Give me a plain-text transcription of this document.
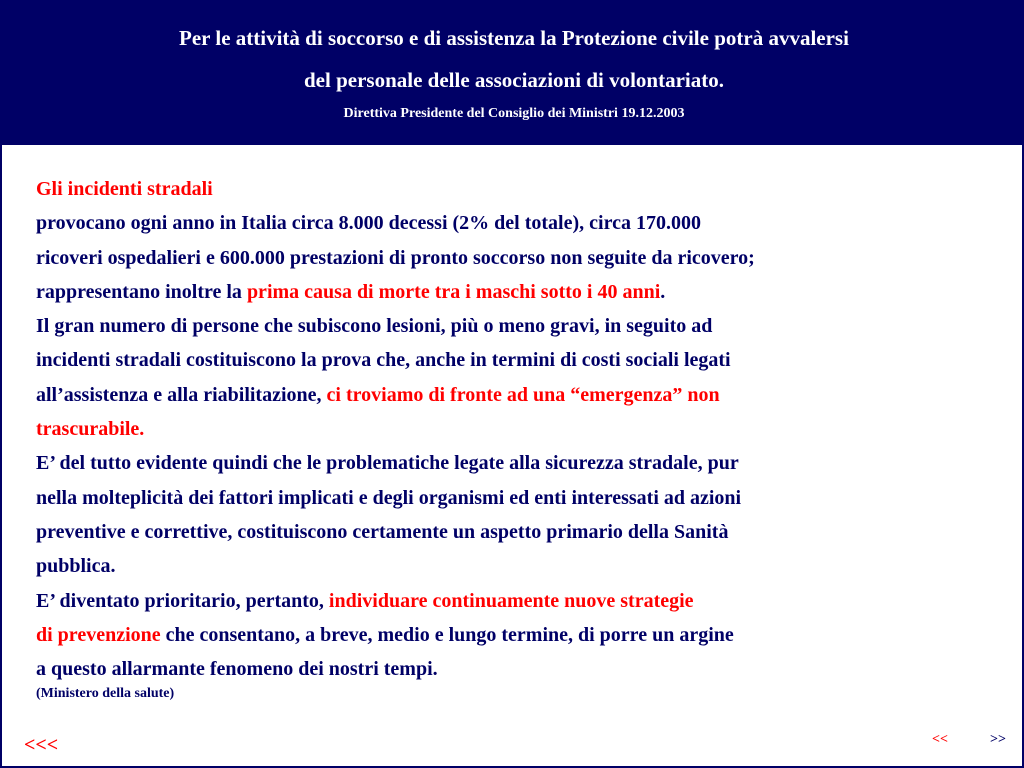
Per le attività di soccorso e di assistenza la Protezione civile potrà avvalersi
del personale delle associazioni di volontariato.
Direttiva Presidente del Consiglio dei Ministri 19.12.2003
Gli incidenti stradali
provocano ogni anno in Italia circa 8.000 decessi (2% del totale), circa 170.000
ricoveri ospedalieri e 600.000 prestazioni di pronto soccorso non seguite da ricovero;
rappresentano inoltre la prima causa di morte tra i maschi sotto i 40 anni.
Il gran numero di persone che subiscono lesioni, più o meno gravi, in seguito ad
incidenti stradali costituiscono la prova che, anche in termini di costi sociali legati
all’assistenza e alla riabilitazione, ci troviamo di fronte ad una “emergenza” non
trascurabile.
E’ del tutto evidente quindi che le problematiche legate alla sicurezza stradale, pur
nella molteplicità dei fattori implicati e degli organismi ed enti interessati ad azioni
preventive e correttive, costituiscono certamente un aspetto primario della Sanità
pubblica.
E’ diventato prioritario, pertanto, individuare continuamente nuove strategie
di prevenzione che consentano, a breve, medio e lungo termine, di porre un argine
a questo allarmante fenomeno dei nostri tempi.
(Ministero della salute)
<<<	<<	>>
